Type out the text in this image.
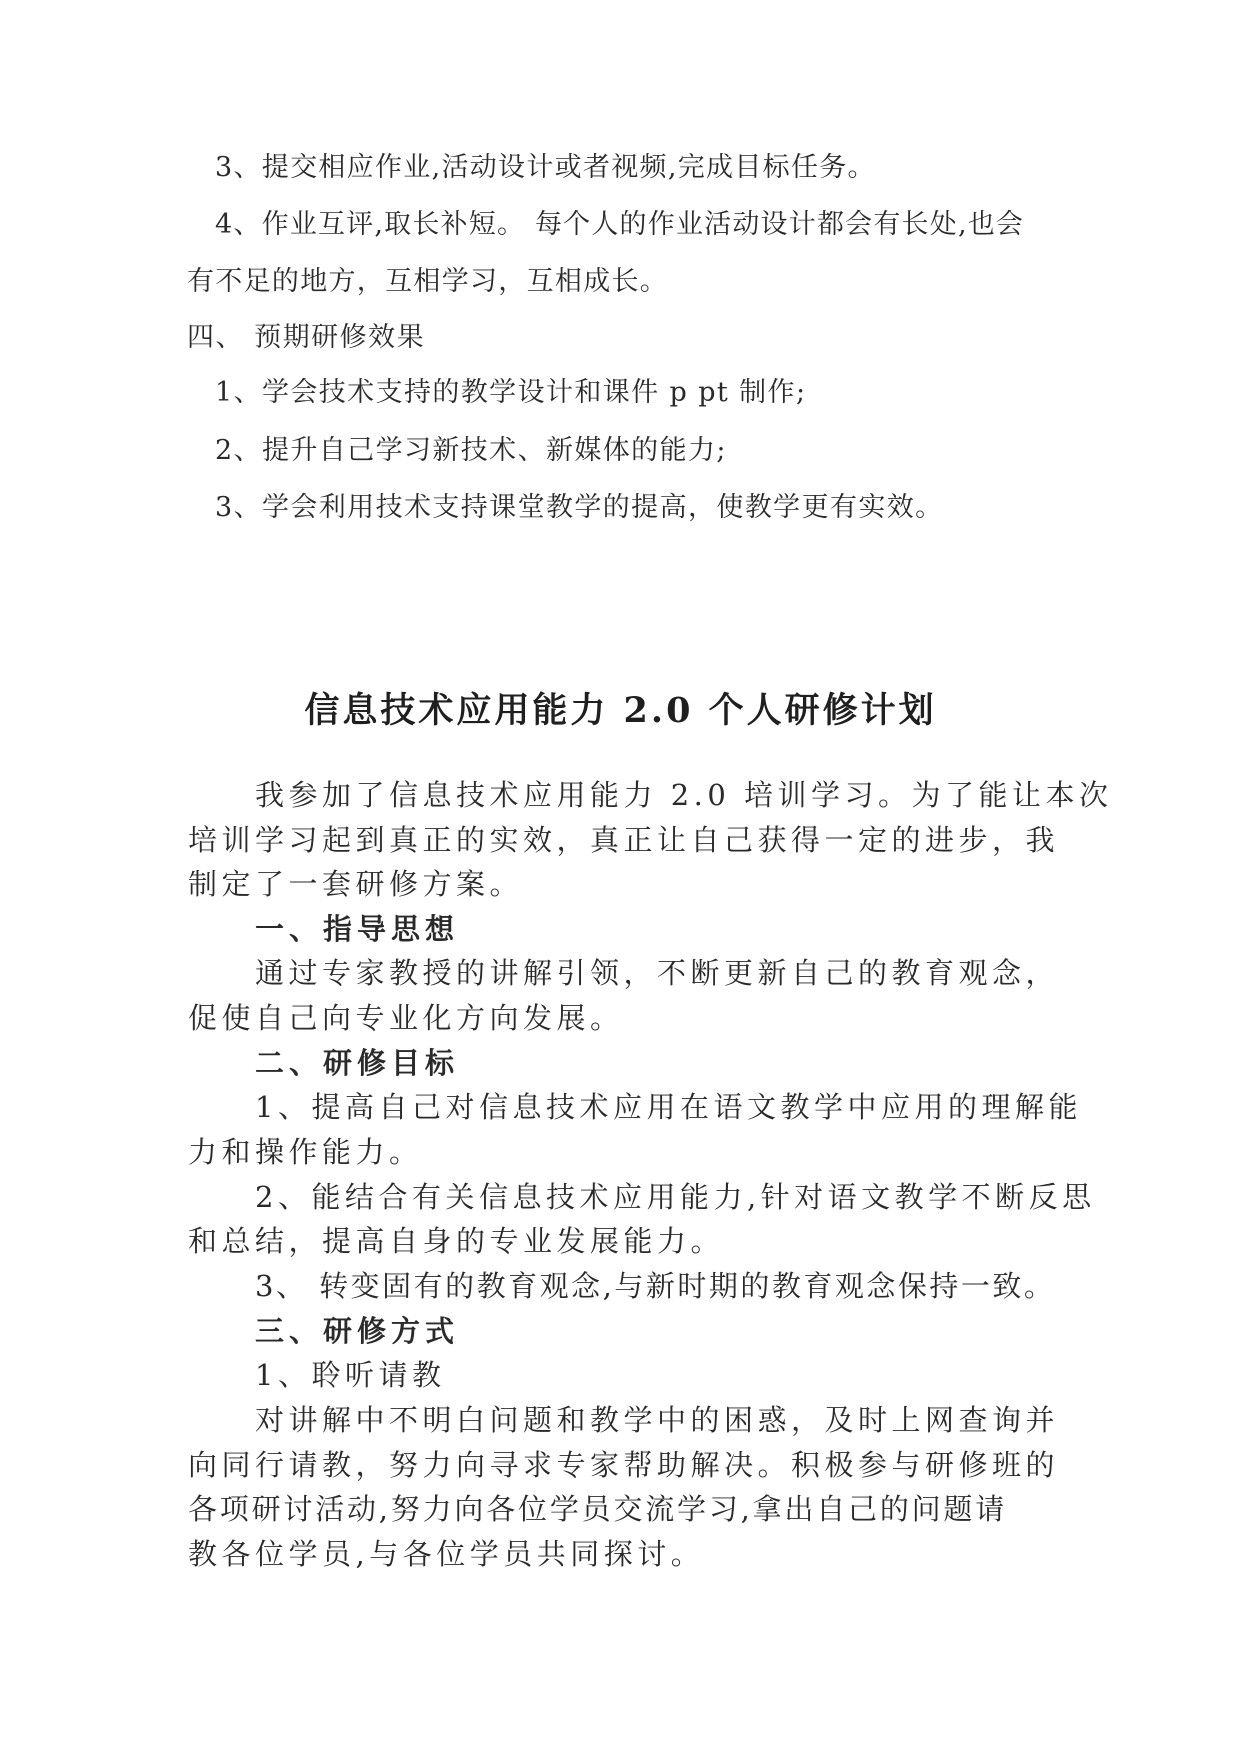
3、提交相应作业,活动设计或者视频,完成目标任务。
4、作业互评,取长补短。 每个人的作业活动设计都会有长处,也会
有不足的地方，互相学习，互相成长。
四、 预期研修效果
1、学会技术支持的教学设计和课件 p pt 制作;
2、提升自己学习新技术、新媒体的能力;
3、学会利用技术支持课堂教学的提高，使教学更有实效。
信息技术应用能力 2.0 个人研修计划
我参加了信息技术应用能力 2.0 培训学习。为了能让本次
培训学习起到真正的实效，真正让自己获得一定的进步，我
制定了一套研修方案。
一、指导思想
通过专家教授的讲解引领，不断更新自己的教育观念，
促使自己向专业化方向发展。
二、研修目标
1、提高自己对信息技术应用在语文教学中应用的理解能
力和操作能力。
2、能结合有关信息技术应用能力,针对语文教学不断反思
和总结，提高自身的专业发展能力。
3、 转变固有的教育观念,与新时期的教育观念保持一致。
三、研修方式
1、聆听请教
对讲解中不明白问题和教学中的困惑，及时上网查询并
向同行请教，努力向寻求专家帮助解决。积极参与研修班的
各项研讨活动,努力向各位学员交流学习,拿出自己的问题请
教各位学员,与各位学员共同探讨。
